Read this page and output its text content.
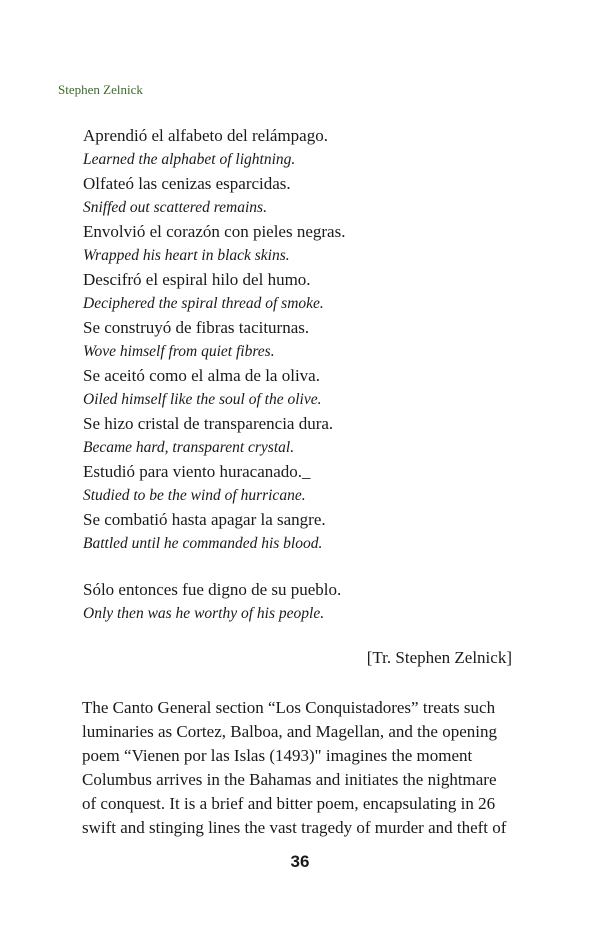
Stephen Zelnick
Aprendió el alfabeto del relámpago.
Learned the alphabet of lightning.
Olfateó las cenizas esparcidas.
Sniffed out scattered remains.
Envolvió el corazón con pieles negras.
Wrapped his heart in black skins.
Descifró el espiral hilo del humo.
Deciphered the spiral thread of smoke.
Se construyó de fibras taciturnas.
Wove himself from quiet fibres.
Se aceitó como el alma de la oliva.
Oiled himself like the soul of the olive.
Se hizo cristal de transparencia dura.
Became hard, transparent crystal.
Estudió para viento huracanado._
Studied to be the wind of hurricane.
Se combatió hasta apagar la sangre.
Battled until he commanded his blood.
Sólo entonces fue digno de su pueblo.
Only then was he worthy of his people.
[Tr. Stephen Zelnick]
The Canto General section “Los Conquistadores” treats such
luminaries as Cortez, Balboa, and Magellan, and the opening
poem “Vienen por las Islas (1493)" imagines the moment
Columbus arrives in the Bahamas and initiates the nightmare
of conquest. It is a brief and bitter poem, encapsulating in 26
swift and stinging lines the vast tragedy of murder and theft of
36
